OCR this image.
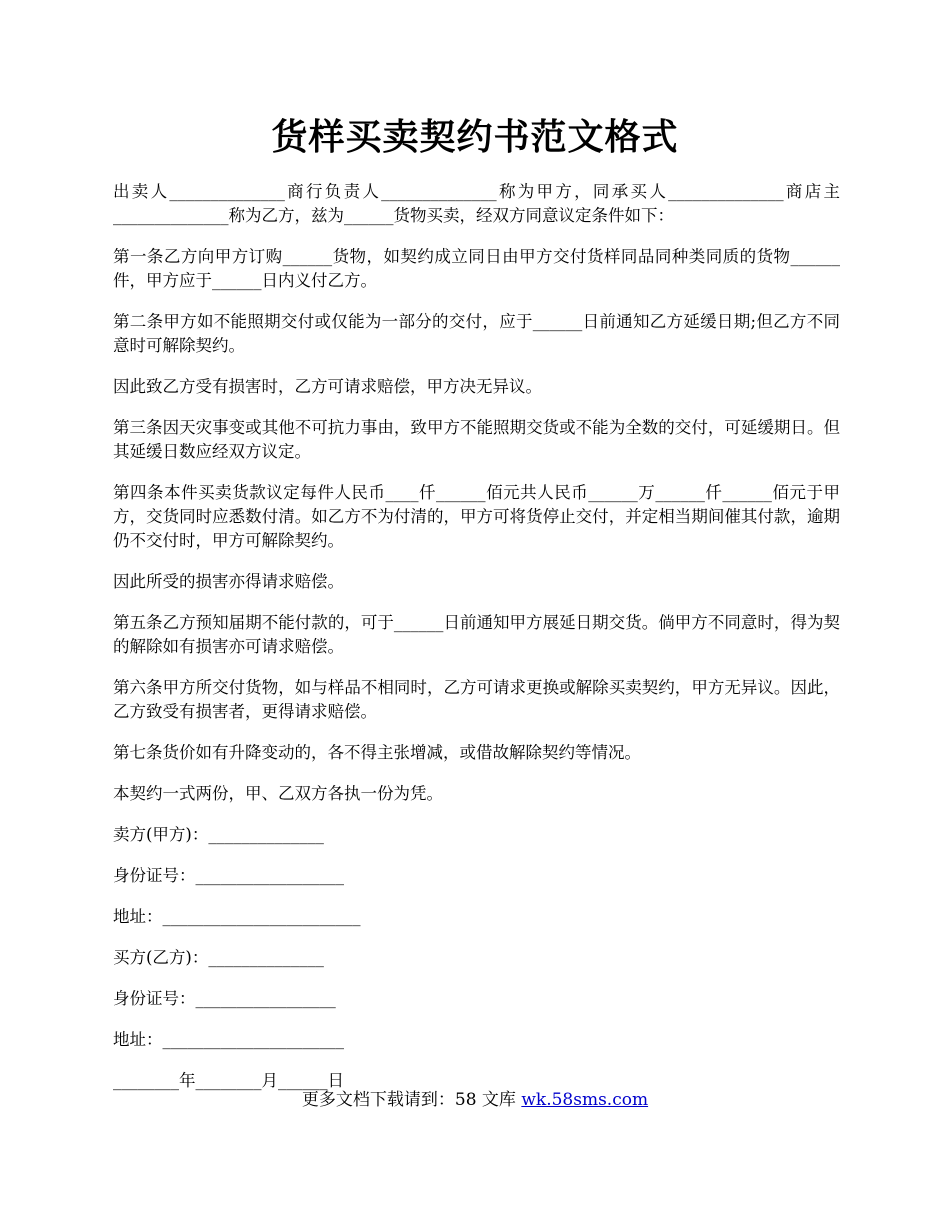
货样买卖契约书范文格式

出卖人______________商行负责人______________称为甲方，同承买人______________商店主______________称为乙方，兹为______货物买卖，经双方同意议定条件如下：

第一条乙方向甲方订购______货物，如契约成立同日由甲方交付货样同品同种类同质的货物______件，甲方应于______日内义付乙方。

第二条甲方如不能照期交付或仅能为一部分的交付，应于______日前通知乙方延缓日期;但乙方不同意时可解除契约。

因此致乙方受有损害时，乙方可请求赔偿，甲方决无异议。

第三条因天灾事变或其他不可抗力事由，致甲方不能照期交货或不能为全数的交付，可延缓期日。但其延缓日数应经双方议定。

第四条本件买卖货款议定每件人民币____仟______佰元共人民币______万______仟______佰元于甲方，交货同时应悉数付清。如乙方不为付清的，甲方可将货停止交付，并定相当期间催其付款，逾期仍不交付时，甲方可解除契约。

因此所受的损害亦得请求赔偿。

第五条乙方预知届期不能付款的，可于______日前通知甲方展延日期交货。倘甲方不同意时，得为契的解除如有损害亦可请求赔偿。

第六条甲方所交付货物，如与样品不相同时，乙方可请求更换或解除买卖契约，甲方无异议。因此，乙方致受有损害者，更得请求赔偿。

第七条货价如有升降变动的，各不得主张增减，或借故解除契约等情况。

本契约一式两份，甲、乙双方各执一份为凭。

卖方(甲方)：______________
身份证号：__________________
地址：________________________
买方(乙方)：______________
身份证号：_________________
地址：______________________
________年________月______日
更多文档下载请到：58 文库 wk.58sms.com
